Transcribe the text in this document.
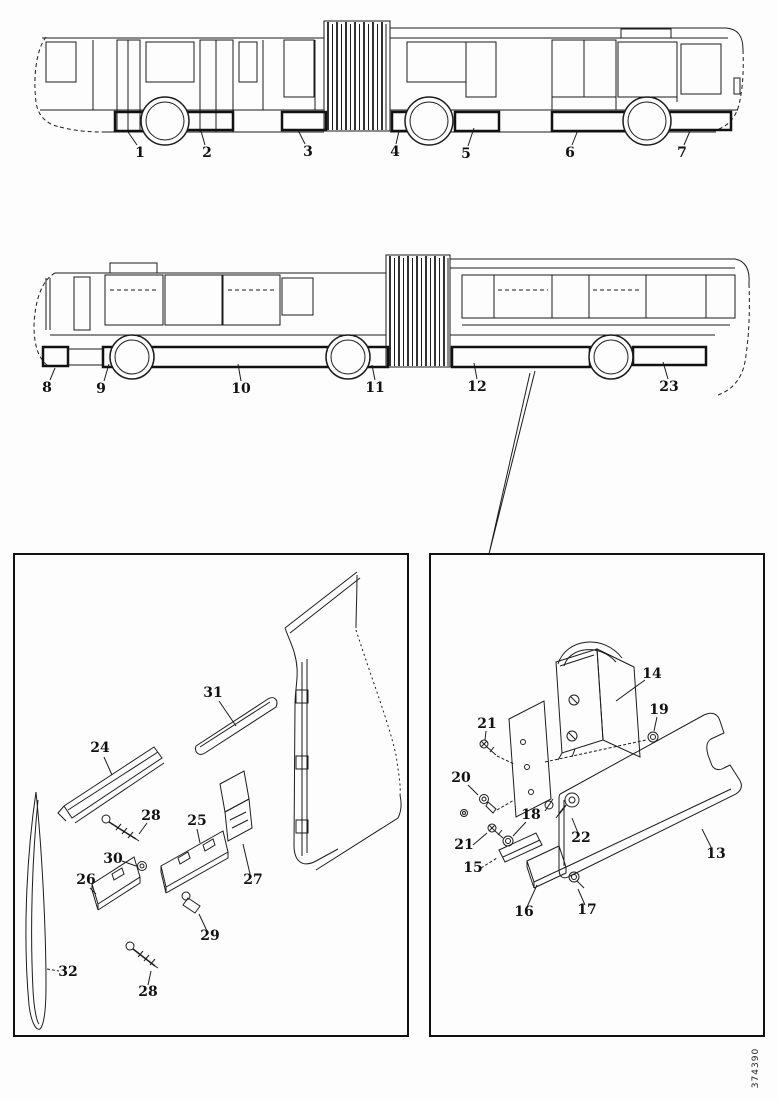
1	2	3	4	5	6	7
8	9	10	11	12	23
31
24
28 25
30
26	27
29
32
28
14
19
21
20
21
18
22
15
16	17
13
374390
